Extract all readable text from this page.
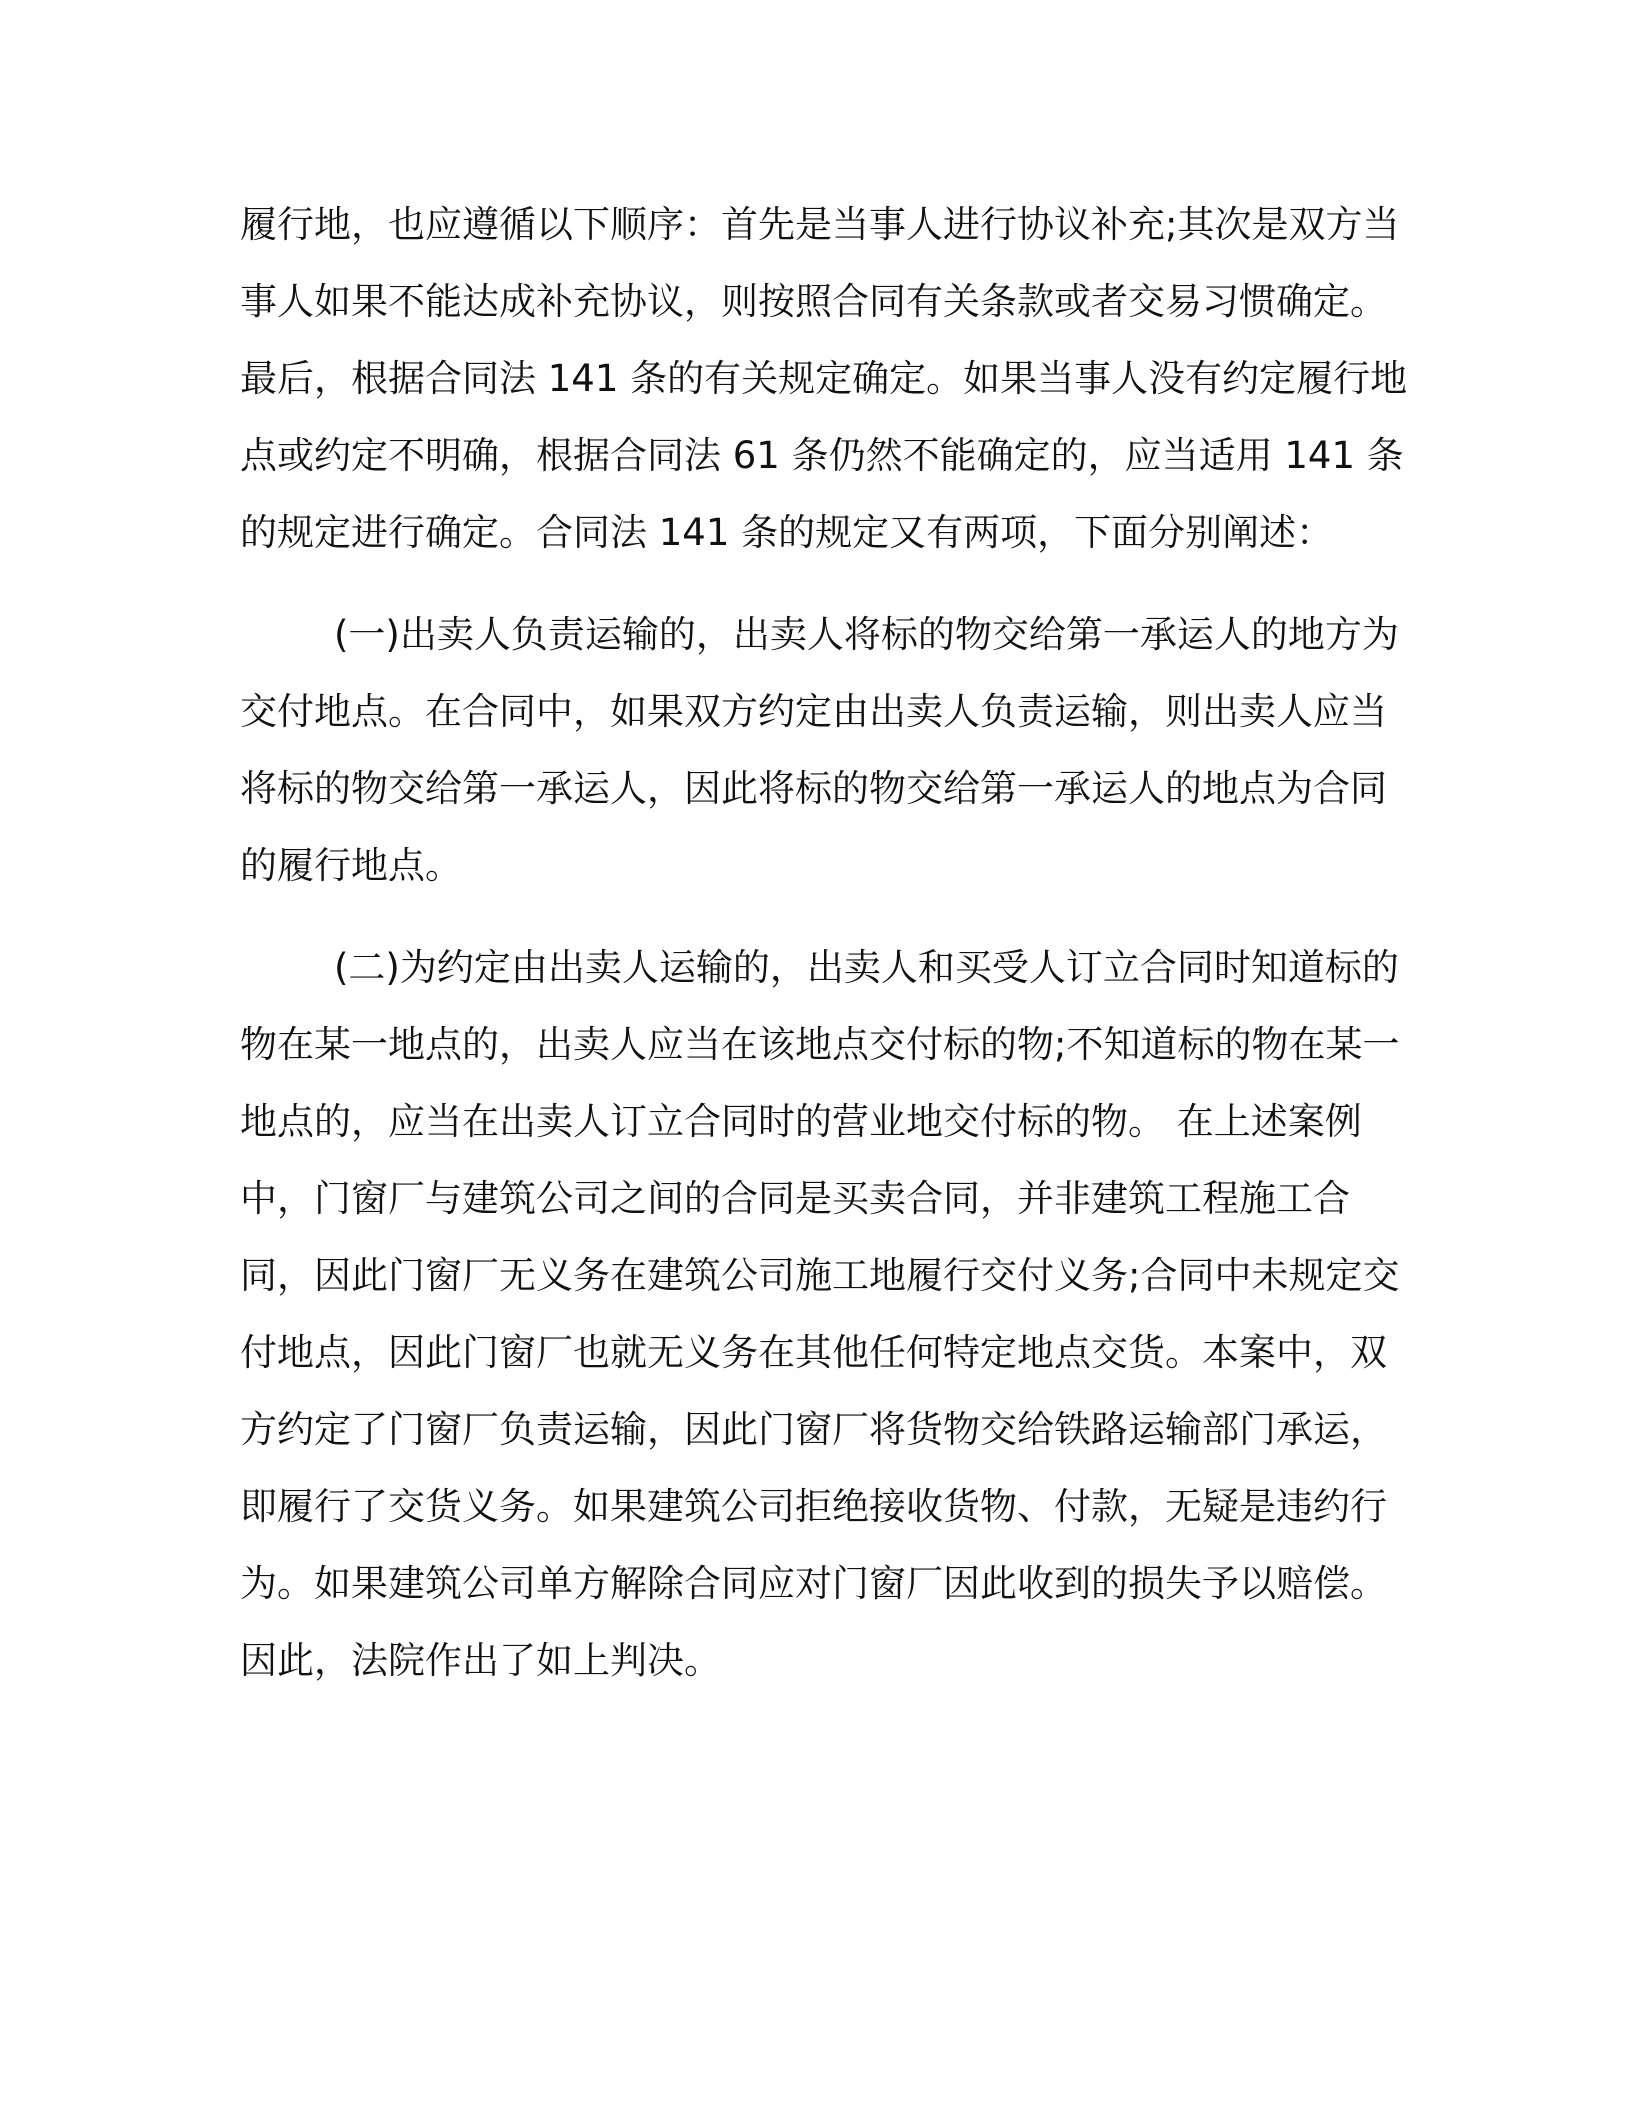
履行地，也应遵循以下顺序：首先是当事人进行协议补充;其次是双方当事人如果不能达成补充协议，则按照合同有关条款或者交易习惯确定。 最后，根据合同法 141 条的有关规定确定。如果当事人没有约定履行地点或约定不明确，根据合同法 61 条仍然不能确定的，应当适用 141 条的规定进行确定。合同法 141 条的规定又有两项，下面分别阐述：

(一)出卖人负责运输的，出卖人将标的物交给第一承运人的地方为交付地点。在合同中，如果双方约定由出卖人负责运输，则出卖人应当将标的物交给第一承运人，因此将标的物交给第一承运人的地点为合同的履行地点。

(二)为约定由出卖人运输的，出卖人和买受人订立合同时知道标的物在某一地点的，出卖人应当在该地点交付标的物;不知道标的物在某一地点的，应当在出卖人订立合同时的营业地交付标的物。 在上述案例中，门窗厂与建筑公司之间的合同是买卖合同，并非建筑工程施工合同，因此门窗厂无义务在建筑公司施工地履行交付义务;合同中未规定交付地点，因此门窗厂也就无义务在其他任何特定地点交货。本案中，双方约定了门窗厂负责运输，因此门窗厂将货物交给铁路运输部门承运，即履行了交货义务。如果建筑公司拒绝接收货物、付款，无疑是违约行为。如果建筑公司单方解除合同应对门窗厂因此收到的损失予以赔偿。因此，法院作出了如上判决。
